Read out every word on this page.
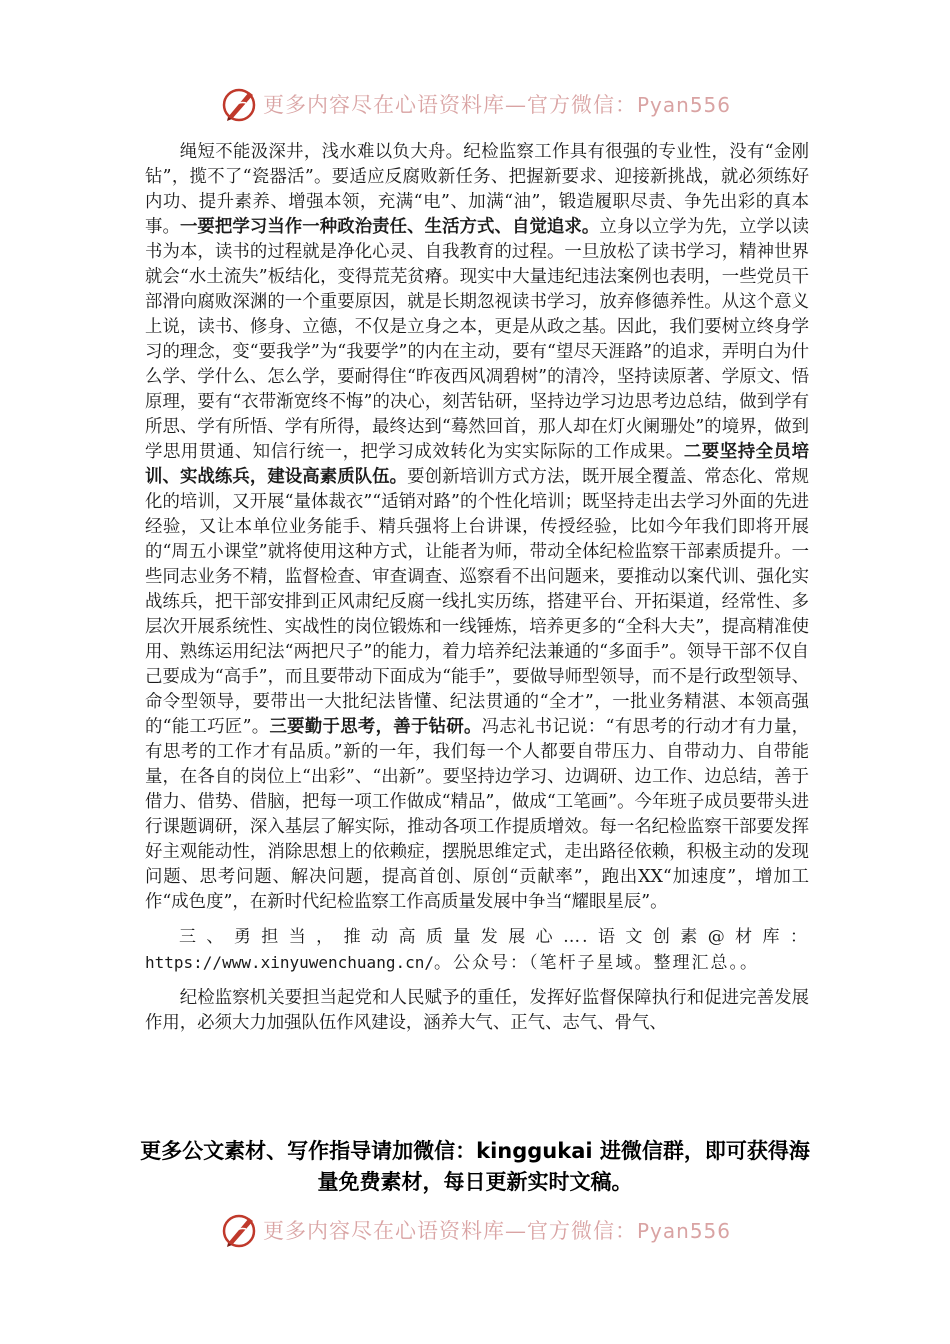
更多内容尽在心语资料库—官方微信：Pyan556

绳短不能汲深井，浅水难以负大舟。纪检监察工作具有很强的专业性，没有“金刚钻”，揽不了“瓷器活”。要适应反腐败新任务、把握新要求、迎接新挑战，就必须练好内功、提升素养、增强本领，充满“电”、加满“油”，锻造履职尽责、争先出彩的真本事。一要把学习当作一种政治责任、生活方式、自觉追求。立身以立学为先，立学以读书为本，读书的过程就是净化心灵、自我教育的过程。一旦放松了读书学习，精神世界就会“水土流失”板结化，变得荒芜贫瘠。现实中大量违纪违法案例也表明，一些党员干部滑向腐败深渊的一个重要原因，就是长期忽视读书学习，放弃修德养性。从这个意义上说，读书、修身、立德，不仅是立身之本，更是从政之基。因此，我们要树立终身学习的理念，变“要我学”为“我要学”的内在主动，要有“望尽天涯路”的追求，弄明白为什么学、学什么、怎么学，要耐得住“昨夜西风凋碧树”的清冷，坚持读原著、学原文、悟原理，要有“衣带渐宽终不悔”的决心，刻苦钻研，坚持边学习边思考边总结，做到学有所思、学有所悟、学有所得，最终达到“蓦然回首，那人却在灯火阑珊处”的境界，做到学思用贯通、知信行统一，把学习成效转化为实实际际的工作成果。二要坚持全员培训、实战练兵，建设高素质队伍。要创新培训方式方法，既开展全覆盖、常态化、常规化的培训，又开展“量体裁衣”“适销对路”的个性化培训；既坚持走出去学习外面的先进经验，又让本单位业务能手、精兵强将上台讲课，传授经验，比如今年我们即将开展的“周五小课堂”就将使用这种方式，让能者为师，带动全体纪检监察干部素质提升。一些同志业务不精，监督检查、审查调查、巡察看不出问题来，要推动以案代训、强化实战练兵，把干部安排到正风肃纪反腐一线扎实历练，搭建平台、开拓渠道，经常性、多层次开展系统性、实战性的岗位锻炼和一线锤炼，培养更多的“全科大夫”，提高精准使用、熟练运用纪法“两把尺子”的能力，着力培养纪法兼通的“多面手”。领导干部不仅自己要成为“高手”，而且要带动下面成为“能手”，要做导师型领导，而不是行政型领导、命令型领导，要带出一大批纪法皆懂、纪法贯通的“全才”，一批业务精湛、本领高强的“能工巧匠”。三要勤于思考，善于钻研。冯志礼书记说：“有思考的行动才有力量，有思考的工作才有品质。”新的一年，我们每一个人都要自带压力、自带动力、自带能量，在各自的岗位上“出彩”、“出新”。要坚持边学习、边调研、边工作、边总结，善于借力、借势、借脑，把每一项工作做成“精品”，做成“工笔画”。今年班子成员要带头进行课题调研，深入基层了解实际，推动各项工作提质增效。每一名纪检监察干部要发挥好主观能动性，消除思想上的依赖症，摆脱思维定式，走出路径依赖，积极主动的发现问题、思考问题、解决问题，提高首创、原创“贡献率”，跑出XX“加速度”，增加工作“成色度”，在新时代纪检监察工作高质量发展中争当“耀眼星辰”。

三、勇担当，推动高质量发展心….语文创素@材库：https://www.xinyuwenchuang.cn/。公众号：（笔杆子星域。整理汇总。。

纪检监察机关要担当起党和人民赋予的重任，发挥好监督保障执行和促进完善发展作用，必须大力加强队伍作风建设，涵养大气、正气、志气、骨气、

更多公文素材、写作指导请加微信：kinggukai 进微信群，即可获得海量免费素材，每日更新实时文稿。
更多内容尽在心语资料库—官方微信：Pyan556
